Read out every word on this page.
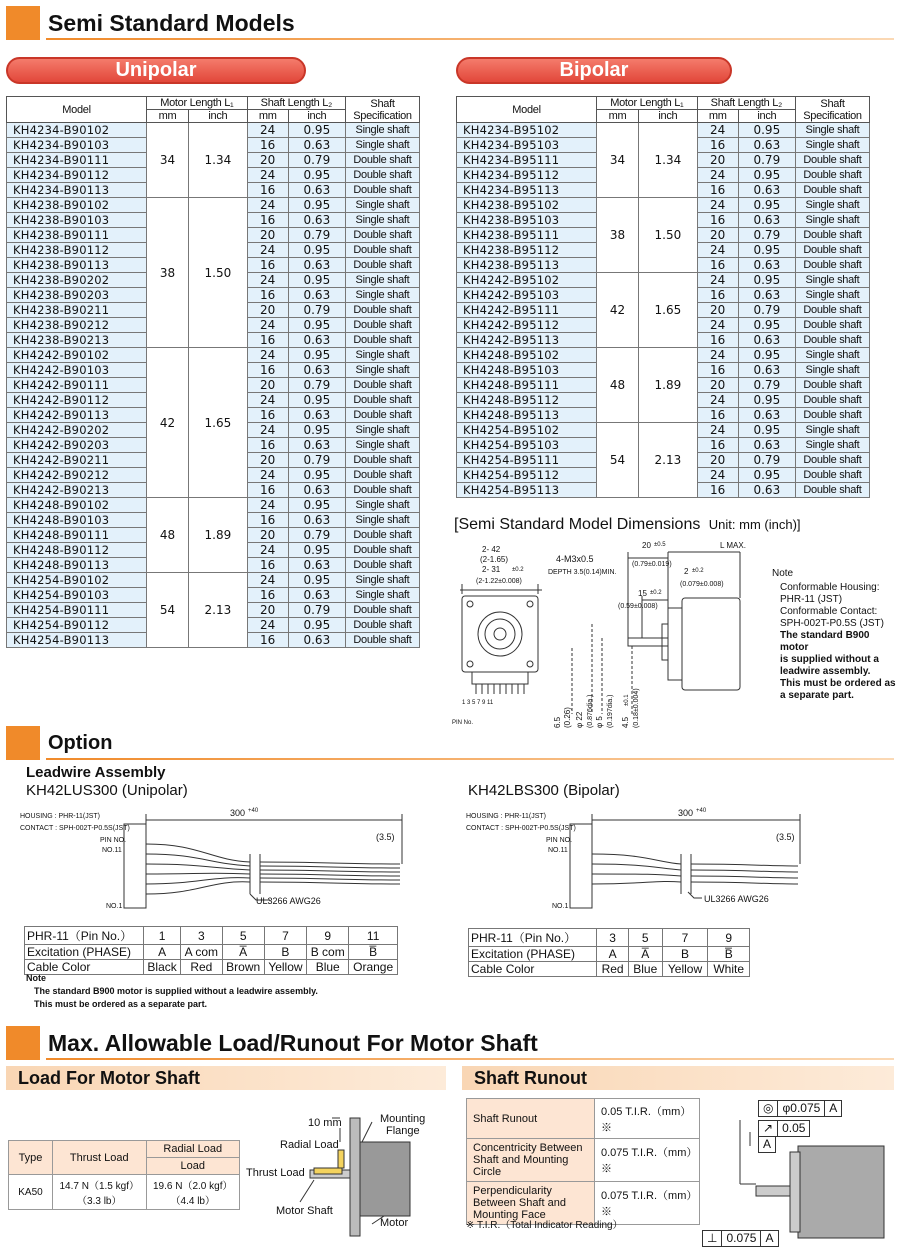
Semi Standard Models
Unipolar	Bipolar
Model	Motor Length L₁		Shaft Length L₂		Shaft Specification
	mm	inch	mm	inch	
KH4234-B90102	34	1.34	24	0.95	Single shaft
KH4234-B90103			16	0.63	Single shaft
KH4234-B90111			20	0.79	Double shaft
KH4234-B90112			24	0.95	Double shaft
KH4234-B90113			16	0.63	Double shaft
KH4238-B90102	38	1.50	24	0.95	Single shaft
KH4238-B90103			16	0.63	Single shaft
KH4238-B90111			20	0.79	Double shaft
KH4238-B90112			24	0.95	Double shaft
KH4238-B90113			16	0.63	Double shaft
KH4238-B90202			24	0.95	Single shaft
KH4238-B90203			16	0.63	Single shaft
KH4238-B90211			20	0.79	Double shaft
KH4238-B90212			24	0.95	Double shaft
KH4238-B90213			16	0.63	Double shaft
KH4242-B90102	42	1.65	24	0.95	Single shaft
KH4242-B90103			16	0.63	Single shaft
KH4242-B90111			20	0.79	Double shaft
KH4242-B90112			24	0.95	Double shaft
KH4242-B90113			16	0.63	Double shaft
KH4242-B90202			24	0.95	Single shaft
KH4242-B90203			16	0.63	Single shaft
KH4242-B90211			20	0.79	Double shaft
KH4242-B90212			24	0.95	Double shaft
KH4242-B90213			16	0.63	Double shaft
KH4248-B90102	48	1.89	24	0.95	Single shaft
KH4248-B90103			16	0.63	Single shaft
KH4248-B90111			20	0.79	Double shaft
KH4248-B90112			24	0.95	Double shaft
KH4248-B90113			16	0.63	Double shaft
KH4254-B90102	54	2.13	24	0.95	Single shaft
KH4254-B90103			16	0.63	Single shaft
KH4254-B90111			20	0.79	Double shaft
KH4254-B90112			24	0.95	Double shaft
KH4254-B90113			16	0.63	Double shaft
Model	Motor Length L₁		Shaft Length L₂		Shaft Specification
	mm	inch	mm	inch	
KH4234-B95102	34	1.34	24	0.95	Single shaft
KH4234-B95103			16	0.63	Single shaft
KH4234-B95111			20	0.79	Double shaft
KH4234-B95112			24	0.95	Double shaft
KH4234-B95113			16	0.63	Double shaft
KH4238-B95102	38	1.50	24	0.95	Single shaft
KH4238-B95103			16	0.63	Single shaft
KH4238-B95111			20	0.79	Double shaft
KH4238-B95112			24	0.95	Double shaft
KH4238-B95113			16	0.63	Double shaft
KH4242-B95102	42	1.65	24	0.95	Single shaft
KH4242-B95103			16	0.63	Single shaft
KH4242-B95111			20	0.79	Double shaft
KH4242-B95112			24	0.95	Double shaft
KH4242-B95113			16	0.63	Double shaft
KH4248-B95102	48	1.89	24	0.95	Single shaft
KH4248-B95103			16	0.63	Single shaft
KH4248-B95111			20	0.79	Double shaft
KH4248-B95112			24	0.95	Double shaft
KH4248-B95113			16	0.63	Double shaft
KH4254-B95102	54	2.13	24	0.95	Single shaft
KH4254-B95103			16	0.63	Single shaft
KH4254-B95111			20	0.79	Double shaft
KH4254-B95112			24	0.95	Double shaft
KH4254-B95113			16	0.63	Double shaft
[Semi Standard Model Dimensions Unit: mm (inch)]
2- 42
(2-1.65)
2- 31 ±0.2
(2-1.22±0.008)
4-M3x0.5
DEPTH 3.5(0.14)MIN.
20 ±0.5
(0.79±0.019)
L MAX.
2 ±0.2
(0.079±0.008)
15 ±0.2
(0.59±0.008)
1 3 5 7 9 11
PIN No.	6.5 (0.26) φ 22 (0.876dia.) φ 5 (0.197dia.) 4.5
±0.1 (0.18±0.004)
Note
Conformable Housing:
PHR-11 (JST)
Conformable Contact:
SPH-002T-P0.5S (JST)
The standard B900 motor
is supplied without a
leadwire assembly.
This must be ordered as
a separate part.
Option
Leadwire Assembly
KH42LUS300 (Unipolar)	KH42LBS300 (Bipolar)
HOUSING : PHR-11(JST)
CONTACT : SPH-002T-P0.5S(JST)
PIN NO.
NO.11
NO.1
300 +40
(3.5)
UL3266 AWG26
HOUSING : PHR-11(JST)
CONTACT : SPH-002T-P0.5S(JST)
PIN NO.
NO.11
NO.1
300 +40
(3.5)
UL3266 AWG26
PHR-11（Pin No.）	1	3	5	7	9	11
Excitation (PHASE)	A	A com	A̅	B	B com	B̅
Cable Color	Black	Red	Brown	Yellow	Blue	Orange
PHR-11（Pin No.）	3	5	7	9
Excitation (PHASE)	A	A̅	B	B̅
Cable Color	Red	Blue	Yellow	White
Note
The standard B900 motor is supplied without a leadwire assembly.
This must be ordered as a separate part.
Max. Allowable Load/Runout For Motor Shaft
Load For Motor Shaft	Shaft Runout
Type	Thrust Load	Radial Load
		Load
KA50	14.7 N（1.5 kgf）（3.3 lb）	19.6 N（2.0 kgf）（4.4 lb）
10 mm
Radial Load
Thrust Load
Mounting
Flange
Motor Shaft
Motor
Shaft Runout	0.05 T.I.R.（mm）※
Concentricity Between Shaft and Mounting Circle	0.075 T.I.R.（mm）※
Perpendicularity Between Shaft and Mounting Face	0.075 T.I.R.（mm）※
※ T.I.R.（Total Indicator Reading）
◎ φ0.075 A
↗ 0.05
A
⊥ 0.075 A
